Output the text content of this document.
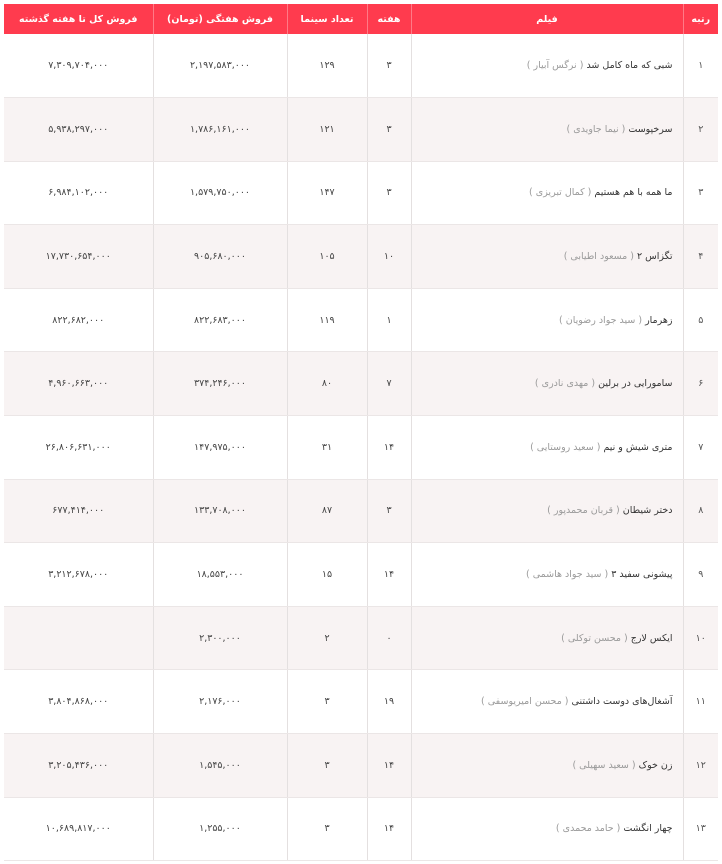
رتبه	فیلم	هفته	تعداد سینما	فروش هفتگی (تومان)	فروش کل تا هفته گذشته
۱	شبی که ماه کامل شد ( نرگس آبیار )	۳	۱۲۹	۲,۱۹۷,۵۸۳,۰۰۰	۷,۳۰۹,۷۰۴,۰۰۰
۲	سرخپوست ( نیما جاویدی )	۳	۱۲۱	۱,۷۸۶,۱۶۱,۰۰۰	۵,۹۳۸,۲۹۷,۰۰۰
۳	ما همه با هم هستیم ( کمال تبریزی )	۳	۱۴۷	۱,۵۷۹,۷۵۰,۰۰۰	۶,۹۸۴,۱۰۲,۰۰۰
۴	تگزاس ۲ ( مسعود اطیابی )	۱۰	۱۰۵	۹۰۵,۶۸۰,۰۰۰	۱۷,۷۳۰,۶۵۴,۰۰۰
۵	زهرمار ( سید جواد رضویان )	۱	۱۱۹	۸۲۲,۶۸۳,۰۰۰	۸۲۲,۶۸۲,۰۰۰
۶	سامورایی در برلین ( مهدی نادری )	۷	۸۰	۳۷۴,۲۴۶,۰۰۰	۴,۹۶۰,۶۶۳,۰۰۰
۷	متری شیش و نیم ( سعید روستایی )	۱۴	۳۱	۱۴۷,۹۷۵,۰۰۰	۲۶,۸۰۶,۶۳۱,۰۰۰
۸	دختر شیطان ( قربان محمدپور )	۳	۸۷	۱۳۳,۷۰۸,۰۰۰	۶۷۷,۴۱۴,۰۰۰
۹	پیشونی سفید ۳ ( سید جواد هاشمی )	۱۴	۱۵	۱۸,۵۵۳,۰۰۰	۳,۲۱۲,۶۷۸,۰۰۰
۱۰	ایکس لارج ( محسن توکلی )	۰	۲	۲,۳۰۰,۰۰۰	
۱۱	آشغال‌های دوست داشتنی ( محسن امیریوسفی )	۱۹	۳	۲,۱۷۶,۰۰۰	۳,۸۰۴,۸۶۸,۰۰۰
۱۲	زن خوک ( سعید سهیلی )	۱۴	۳	۱,۵۴۵,۰۰۰	۳,۲۰۵,۴۳۶,۰۰۰
۱۳	چهار انگشت ( حامد محمدی )	۱۴	۳	۱,۲۵۵,۰۰۰	۱۰,۶۸۹,۸۱۷,۰۰۰
